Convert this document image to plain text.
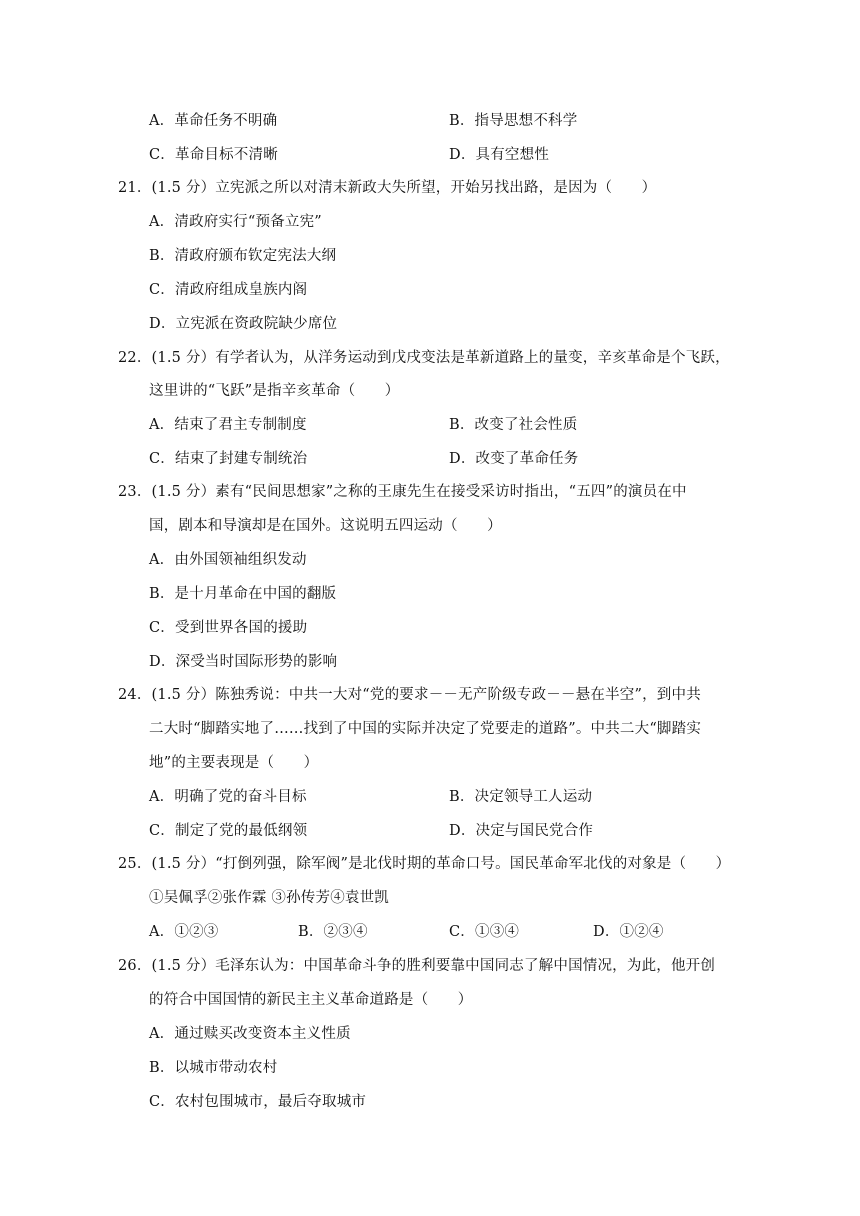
A．革命任务不明确	B．指导思想不科学
C．革命目标不清晰	D．具有空想性
21．(1.5 分）立宪派之所以对清末新政大失所望，开始另找出路，是因为（　　）
A．清政府实行“预备立宪”
B．清政府颁布钦定宪法大纲
C．清政府组成皇族内阁
D．立宪派在资政院缺少席位
22．(1.5 分）有学者认为，从洋务运动到戊戌变法是革新道路上的量变，辛亥革命是个飞跃，
这里讲的“飞跃”是指辛亥革命（　　）
A．结束了君主专制制度	B．改变了社会性质
C．结束了封建专制统治	D．改变了革命任务
23．(1.5 分）素有“民间思想家”之称的王康先生在接受采访时指出，“五四”的演员在中
国，剧本和导演却是在国外。这说明五四运动（　　）
A．由外国领袖组织发动
B．是十月革命在中国的翻版
C．受到世界各国的援助
D．深受当时国际形势的影响
24．(1.5 分）陈独秀说：中共一大对“党的要求－－无产阶级专政－－悬在半空”，到中共
二大时“脚踏实地了……找到了中国的实际并决定了党要走的道路”。中共二大“脚踏实
地”的主要表现是（　　）
A．明确了党的奋斗目标	B．决定领导工人运动
C．制定了党的最低纲领	D．决定与国民党合作
25．(1.5 分）“打倒列强，除军阀”是北伐时期的革命口号。国民革命军北伐的对象是（　　）
①吴佩孚②张作霖 ③孙传芳④袁世凯
A．①②③	B．②③④	C．①③④	D．①②④
26．(1.5 分）毛泽东认为：中国革命斗争的胜利要靠中国同志了解中国情况，为此，他开创
的符合中国国情的新民主主义革命道路是（　　）
A．通过赎买改变资本主义性质
B．以城市带动农村
C．农村包围城市，最后夺取城市
